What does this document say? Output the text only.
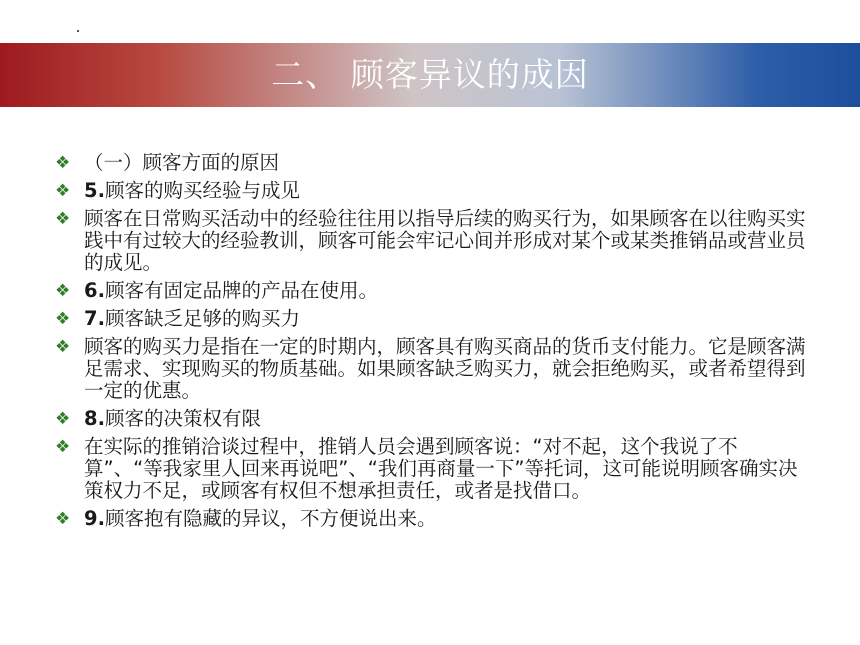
二、 顾客异议的成因
❖ （一）顾客方面的原因
❖ 5.顾客的购买经验与成见
❖ 顾客在日常购买活动中的经验往往用以指导后续的购买行为，如果顾客在以往购买实践中有过较大的经验教训，顾客可能会牢记心间并形成对某个或某类推销品或营业员的成见。
❖ 6.顾客有固定品牌的产品在使用。
❖ 7.顾客缺乏足够的购买力
❖ 顾客的购买力是指在一定的时期内，顾客具有购买商品的货币支付能力。它是顾客满足需求、实现购买的物质基础。如果顾客缺乏购买力，就会拒绝购买，或者希望得到一定的优惠。
❖ 8.顾客的决策权有限
❖ 在实际的推销洽谈过程中，推销人员会遇到顾客说：“对不起，这个我说了不算”、“等我家里人回来再说吧”、“我们再商量一下”等托词，这可能说明顾客确实决策权力不足，或顾客有权但不想承担责任，或者是找借口。
❖ 9.顾客抱有隐藏的异议，不方便说出来。
